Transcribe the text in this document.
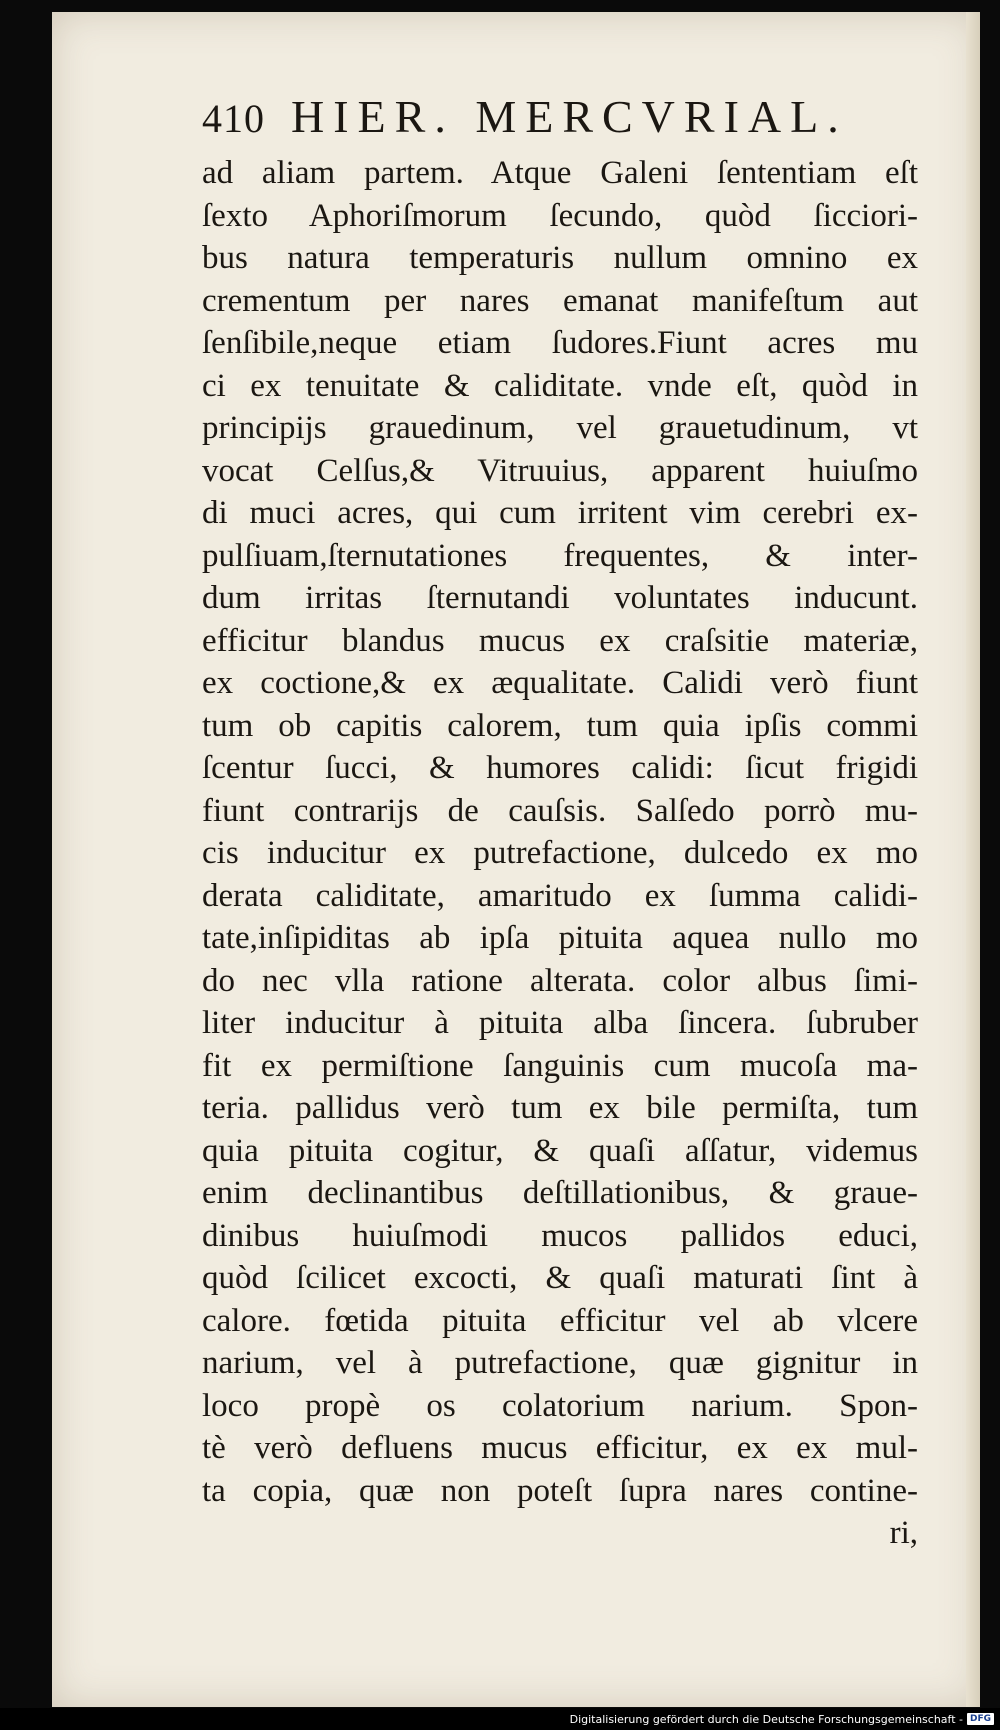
410 HIER. MERCVRIAL.
ad aliam partem. Atque Galeni ſententiam eſt
ſexto Aphoriſmorum ſecundo, quòd ſicciori-
bus natura temperaturis nullum omnino ex
crementum per nares emanat manifeſtum aut
ſenſibile,neque etiam ſudores.Fiunt acres mu
ci ex tenuitate & caliditate. vnde eſt, quòd in
principijs grauedinum, vel grauetudinum, vt
vocat Celſus,& Vitruuius, apparent huiuſmo
di muci acres, qui cum irritent vim cerebri ex-
pulſiuam,ſternutationes frequentes, & inter-
dum irritas ſternutandi voluntates inducunt.
efficitur blandus mucus ex craſsitie materiæ,
ex coctione,& ex æqualitate. Calidi verò fiunt
tum ob capitis calorem, tum quia ipſis commi
ſcentur ſucci, & humores calidi: ſicut frigidi
fiunt contrarijs de cauſsis. Salſedo porrò mu-
cis inducitur ex putrefactione, dulcedo ex mo
derata caliditate, amaritudo ex ſumma calidi-
tate,inſipiditas ab ipſa pituita aquea nullo mo
do nec vlla ratione alterata. color albus ſimi-
liter inducitur à pituita alba ſincera. ſubruber
fit ex permiſtione ſanguinis cum mucoſa ma-
teria. pallidus verò tum ex bile permiſta, tum
quia pituita cogitur, & quaſi aſſatur, videmus
enim declinantibus deſtillationibus, & graue-
dinibus huiuſmodi mucos pallidos educi,
quòd ſcilicet excocti, & quaſi maturati ſint à
calore. fœtida pituita efficitur vel ab vlcere
narium, vel à putrefactione, quæ gignitur in
loco propè os colatorium narium. Spon-
tè verò defluens mucus efficitur, ex ex mul-
ta copia, quæ non poteſt ſupra nares contine-
ri,
Digitalisierung gefördert durch die Deutsche Forschungsgemeinschaft - DFG
